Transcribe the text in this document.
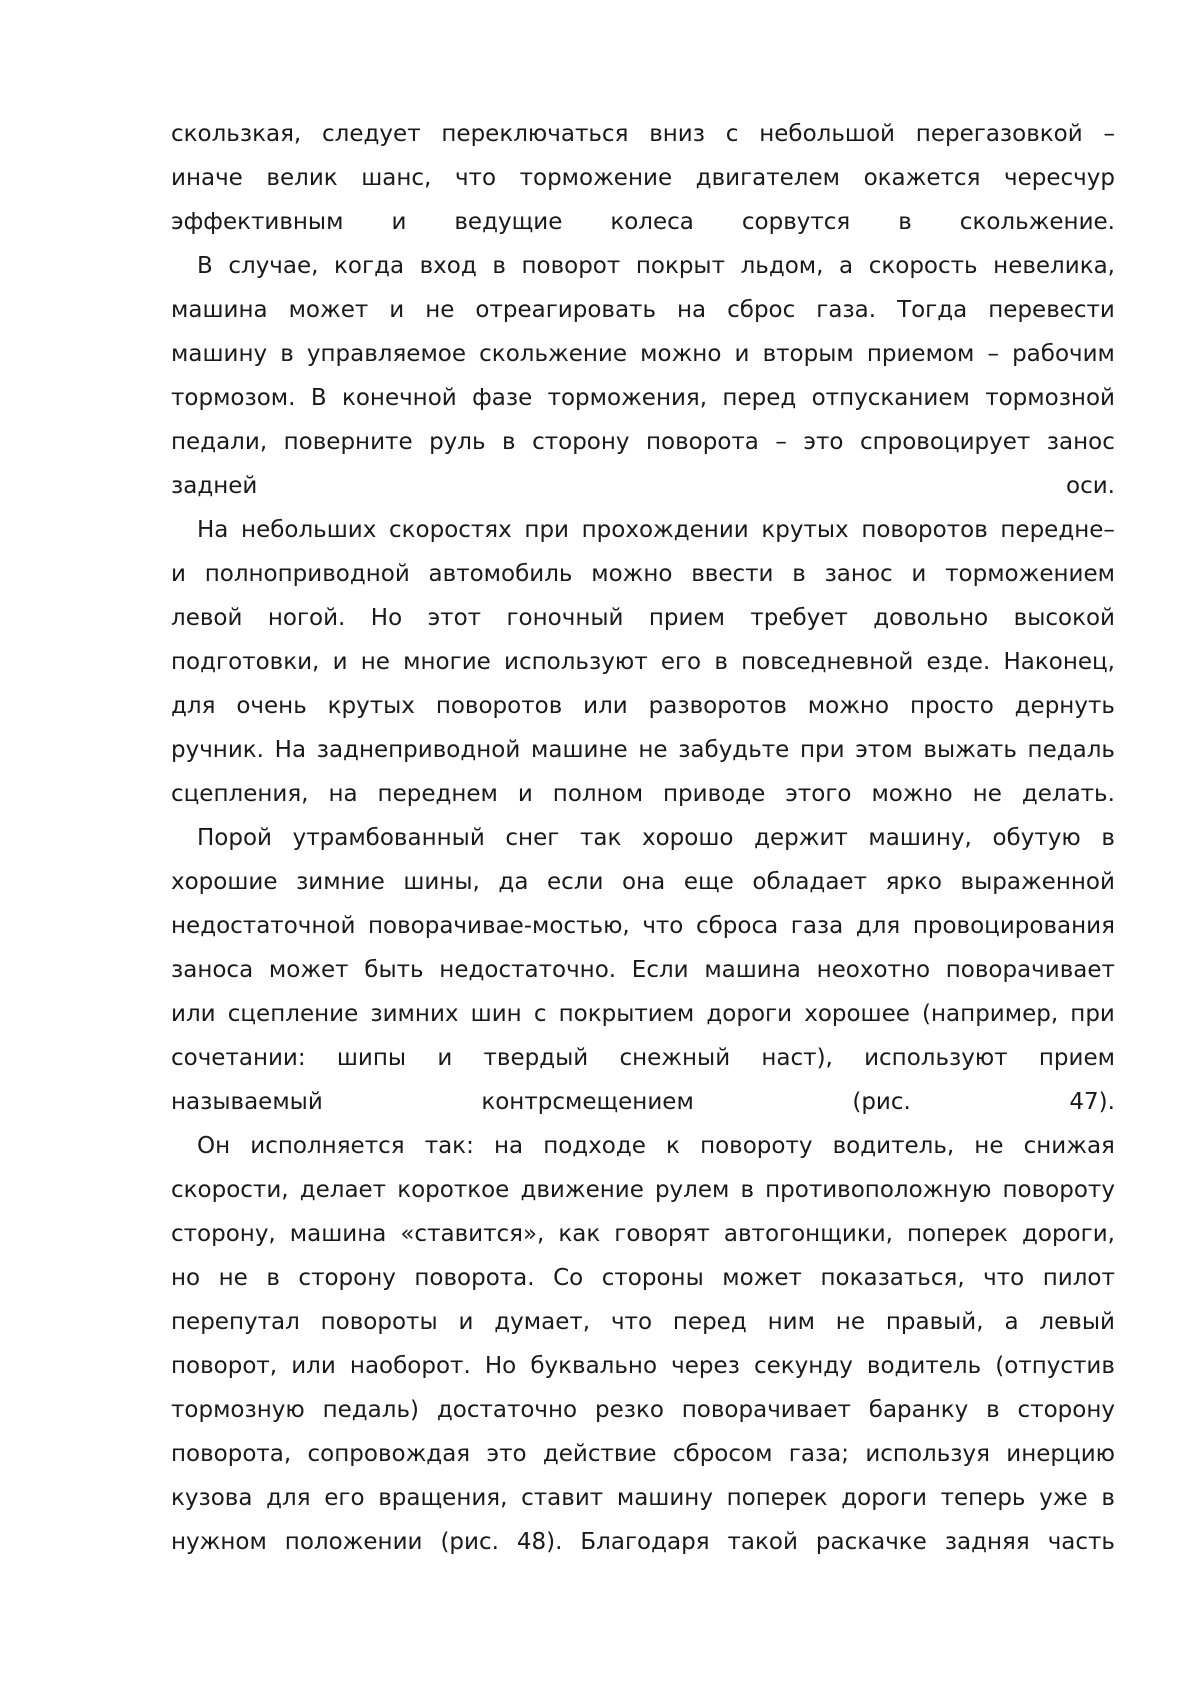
скользкая, следует переключаться вниз с небольшой перегазовкой –
иначе велик шанс, что торможение двигателем окажется чересчур
эффективным и ведущие колеса сорвутся в скольжение.
В случае, когда вход в поворот покрыт льдом, а скорость невелика,
машина может и не отреагировать на сброс газа. Тогда перевести
машину в управляемое скольжение можно и вторым приемом – рабочим
тормозом. В конечной фазе торможения, перед отпусканием тормозной
педали, поверните руль в сторону поворота – это спровоцирует занос
задней	оси.
На небольших скоростях при прохождении крутых поворотов передне–
и полноприводной автомобиль можно ввести в занос и торможением
левой ногой. Но этот гоночный прием требует довольно высокой
подготовки, и не многие используют его в повседневной езде. Наконец,
для очень крутых поворотов или разворотов можно просто дернуть
ручник. На заднеприводной машине не забудьте при этом выжать педаль
сцепления, на переднем и полном приводе этого можно не делать.
Порой утрамбованный снег так хорошо держит машину, обутую в
хорошие зимние шины, да если она еще обладает ярко выраженной
недостаточной поворачивае-мостью, что сброса газа для провоцирования
заноса может быть недостаточно. Если машина неохотно поворачивает
или сцепление зимних шин с покрытием дороги хорошее (например, при
сочетании: шипы и твердый снежный наст), используют прием
называемый	контрсмещением	(рис.	47).
Он исполняется так: на подходе к повороту водитель, не снижая
скорости, делает короткое движение рулем в противоположную повороту
сторону, машина «ставится», как говорят автогонщики, поперек дороги,
но не в сторону поворота. Со стороны может показаться, что пилот
перепутал повороты и думает, что перед ним не правый, а левый
поворот, или наоборот. Но буквально через секунду водитель (отпустив
тормозную педаль) достаточно резко поворачивает баранку в сторону
поворота, сопровождая это действие сбросом газа; используя инерцию
кузова для его вращения, ставит машину поперек дороги теперь уже в
нужном положении (рис. 48). Благодаря такой раскачке задняя часть
